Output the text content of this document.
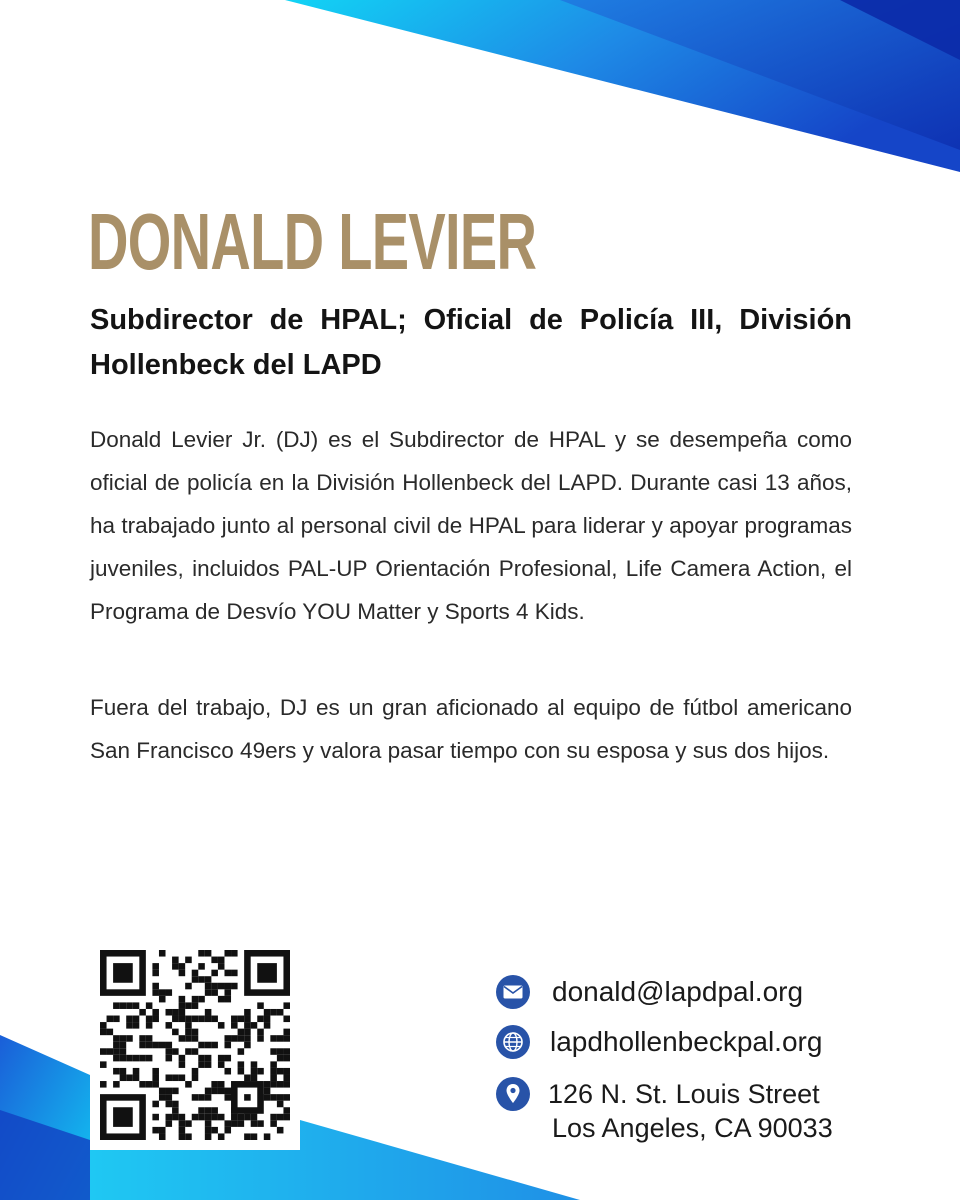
DONALD LEVIER
Subdirector de HPAL; Oficial de Policía III, División Hollenbeck del LAPD

Donald Levier Jr. (DJ) es el Subdirector de HPAL y se desempeña como oficial de policía en la División Hollenbeck del LAPD. Durante casi 13 años, ha trabajado junto al personal civil de HPAL para liderar y apoyar programas juveniles, incluidos PAL-UP Orientación Profesional, Life Camera Action, el Programa de Desvío YOU Matter y Sports 4 Kids.

Fuera del trabajo, DJ es un gran aficionado al equipo de fútbol americano San Francisco 49ers y valora pasar tiempo con su esposa y sus dos hijos.

donald@lapdpal.org
lapdhollenbeckpal.org
126 N. St. Louis Street
Los Angeles, CA 90033
